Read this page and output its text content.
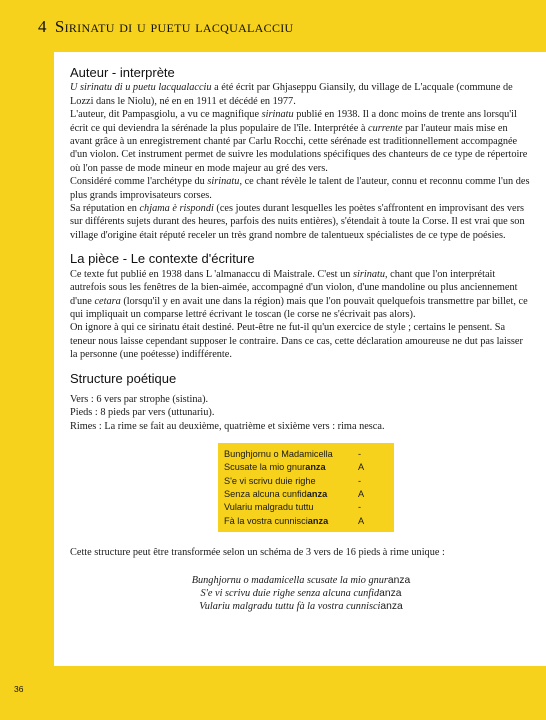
4 Sirinatu di u puetu lacqualacciu
Auteur - interprète

U sirinatu di u puetu lacqualacciu a été écrit par Ghjaseppu Giansily, du village de L'acquale (commune de Lozzi dans le Niolu), né en en 1911 et décédé en 1977.

L'auteur, dit Pampasgiolu, a vu ce magnifique sirinatu publié en 1938. Il a donc moins de trente ans lorsqu'il écrit ce qui deviendra la sérénade la plus populaire de l'île. Interprétée à currente par l'auteur mais mise en avant grâce à un enregistrement chanté par Carlu Rocchi, cette sérénade est traditionnellement accompagnée d'un violon. Cet instrument permet de suivre les modulations spécifiques des chanteurs de ce type de répertoire où l'on passe de mode mineur en mode majeur au gré des vers.

Considéré comme l'archétype du sirinatu, ce chant révèle le talent de l'auteur, connu et reconnu comme l'un des plus grands improvisateurs corses.

Sa réputation en chjama è rispondi (ces joutes durant lesquelles les poètes s'affrontent en improvisant des vers sur différents sujets durant des heures, parfois des nuits entières), s'étendait à toute la Corse. Il est vrai que son village d'origine était réputé receler un très grand nombre de talentueux spécialistes de ce type de poésies.

La pièce - Le contexte d'écriture

Ce texte fut publié en 1938 dans L 'almanaccu di Maistrale. C'est un sirinatu, chant que l'on interprétait autrefois sous les fenêtres de la bien-aimée, accompagné d'un violon, d'une mandoline ou plus anciennement d'une cetara (lorsqu'il y en avait une dans la région) mais que l'on pouvait quelquefois transmettre par billet, ce qui impliquait un comparse lettré écrivant le toscan (le corse ne s'écrivait pas alors).

On ignore à qui ce sirinatu était destiné. Peut-être ne fut-il qu'un exercice de style ; certains le pensent. Sa teneur nous laisse cependant supposer le contraire. Dans ce cas, cette déclaration amoureuse ne dut pas laisser la personne (une poétesse) indifférente.

Structure poétique

Vers : 6 vers par strophe (sistina).

Pieds : 8 pieds par vers (uttunariu).

Rimes : La rime se fait au deuxième, quatrième et sixième vers : rima nesca.

Bunghjornu o Madamicella	-
Scusate la mio gnuranza	A
S'e vi scrivu duie righe	-
Senza alcuna cunfidanza	A
Vulariu malgradu tuttu	-
Fà la vostra cunniscianza	A

Cette structure peut être transformée selon un schéma de 3 vers de 16 pieds à rime unique :

Bunghjornu o madamicella scusate la mio gnuranza
S'e vi scrivu duie righe senza alcuna cunfidanza
Vulariu malgradu tuttu fà la vostra cunniscianza
36
